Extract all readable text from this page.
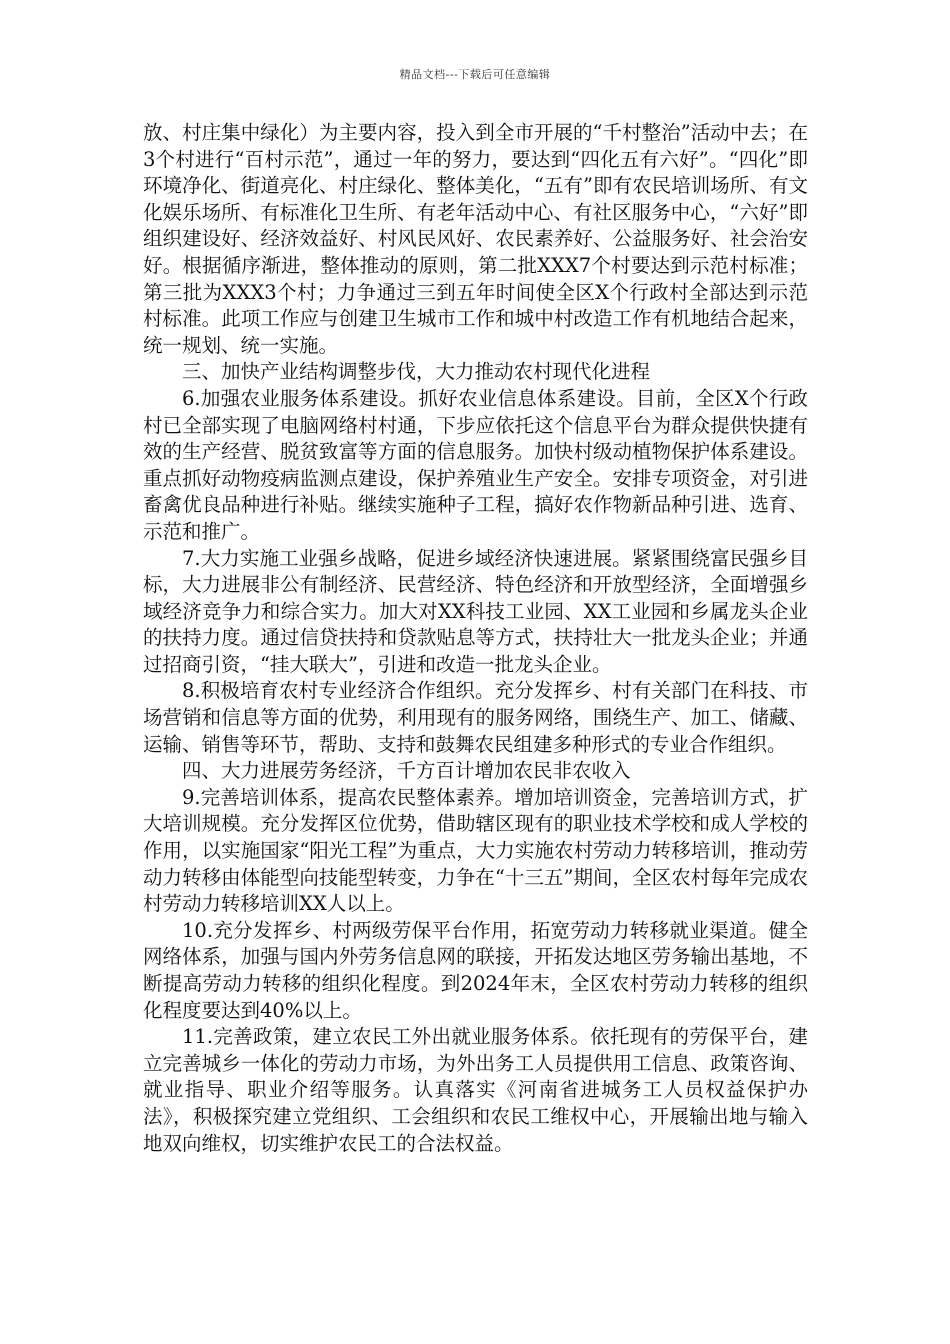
精品文档---下载后可任意编辑

放、村庄集中绿化）为主要内容，投入到全市开展的“千村整治”活动中去；在3个村进行“百村示范”，通过一年的努力，要达到“四化五有六好”。“四化”即环境净化、街道亮化、村庄绿化、整体美化，“五有”即有农民培训场所、有文化娱乐场所、有标准化卫生所、有老年活动中心、有社区服务中心，“六好”即组织建设好、经济效益好、村风民风好、农民素养好、公益服务好、社会治安好。根据循序渐进，整体推动的原则，第二批XXX7个村要达到示范村标准；第三批为XXX3个村；力争通过三到五年时间使全区X个行政村全部达到示范村标准。此项工作应与创建卫生城市工作和城中村改造工作有机地结合起来，统一规划、统一实施。

三、加快产业结构调整步伐，大力推动农村现代化进程

6.加强农业服务体系建设。抓好农业信息体系建设。目前，全区X个行政村已全部实现了电脑网络村村通，下步应依托这个信息平台为群众提供快捷有效的生产经营、脱贫致富等方面的信息服务。加快村级动植物保护体系建设。重点抓好动物疫病监测点建设，保护养殖业生产安全。安排专项资金，对引进畜禽优良品种进行补贴。继续实施种子工程，搞好农作物新品种引进、选育、示范和推广。

7.大力实施工业强乡战略，促进乡域经济快速进展。紧紧围绕富民强乡目标，大力进展非公有制经济、民营经济、特色经济和开放型经济，全面增强乡域经济竞争力和综合实力。加大对XX科技工业园、XX工业园和乡属龙头企业的扶持力度。通过信贷扶持和贷款贴息等方式，扶持壮大一批龙头企业；并通过招商引资，“挂大联大”，引进和改造一批龙头企业。

8.积极培育农村专业经济合作组织。充分发挥乡、村有关部门在科技、市场营销和信息等方面的优势，利用现有的服务网络，围绕生产、加工、储藏、运输、销售等环节，帮助、支持和鼓舞农民组建多种形式的专业合作组织。

四、大力进展劳务经济，千方百计增加农民非农收入

9.完善培训体系，提高农民整体素养。增加培训资金，完善培训方式，扩大培训规模。充分发挥区位优势，借助辖区现有的职业技术学校和成人学校的作用，以实施国家“阳光工程”为重点，大力实施农村劳动力转移培训，推动劳动力转移由体能型向技能型转变，力争在“十三五”期间，全区农村每年完成农村劳动力转移培训XX人以上。

10.充分发挥乡、村两级劳保平台作用，拓宽劳动力转移就业渠道。健全网络体系，加强与国内外劳务信息网的联接，开拓发达地区劳务输出基地，不断提高劳动力转移的组织化程度。到2024年末，全区农村劳动力转移的组织化程度要达到40%以上。

11.完善政策，建立农民工外出就业服务体系。依托现有的劳保平台，建立完善城乡一体化的劳动力市场，为外出务工人员提供用工信息、政策咨询、就业指导、职业介绍等服务。认真落实《河南省进城务工人员权益保护办法》，积极探究建立党组织、工会组织和农民工维权中心，开展输出地与输入地双向维权，切实维护农民工的合法权益。
